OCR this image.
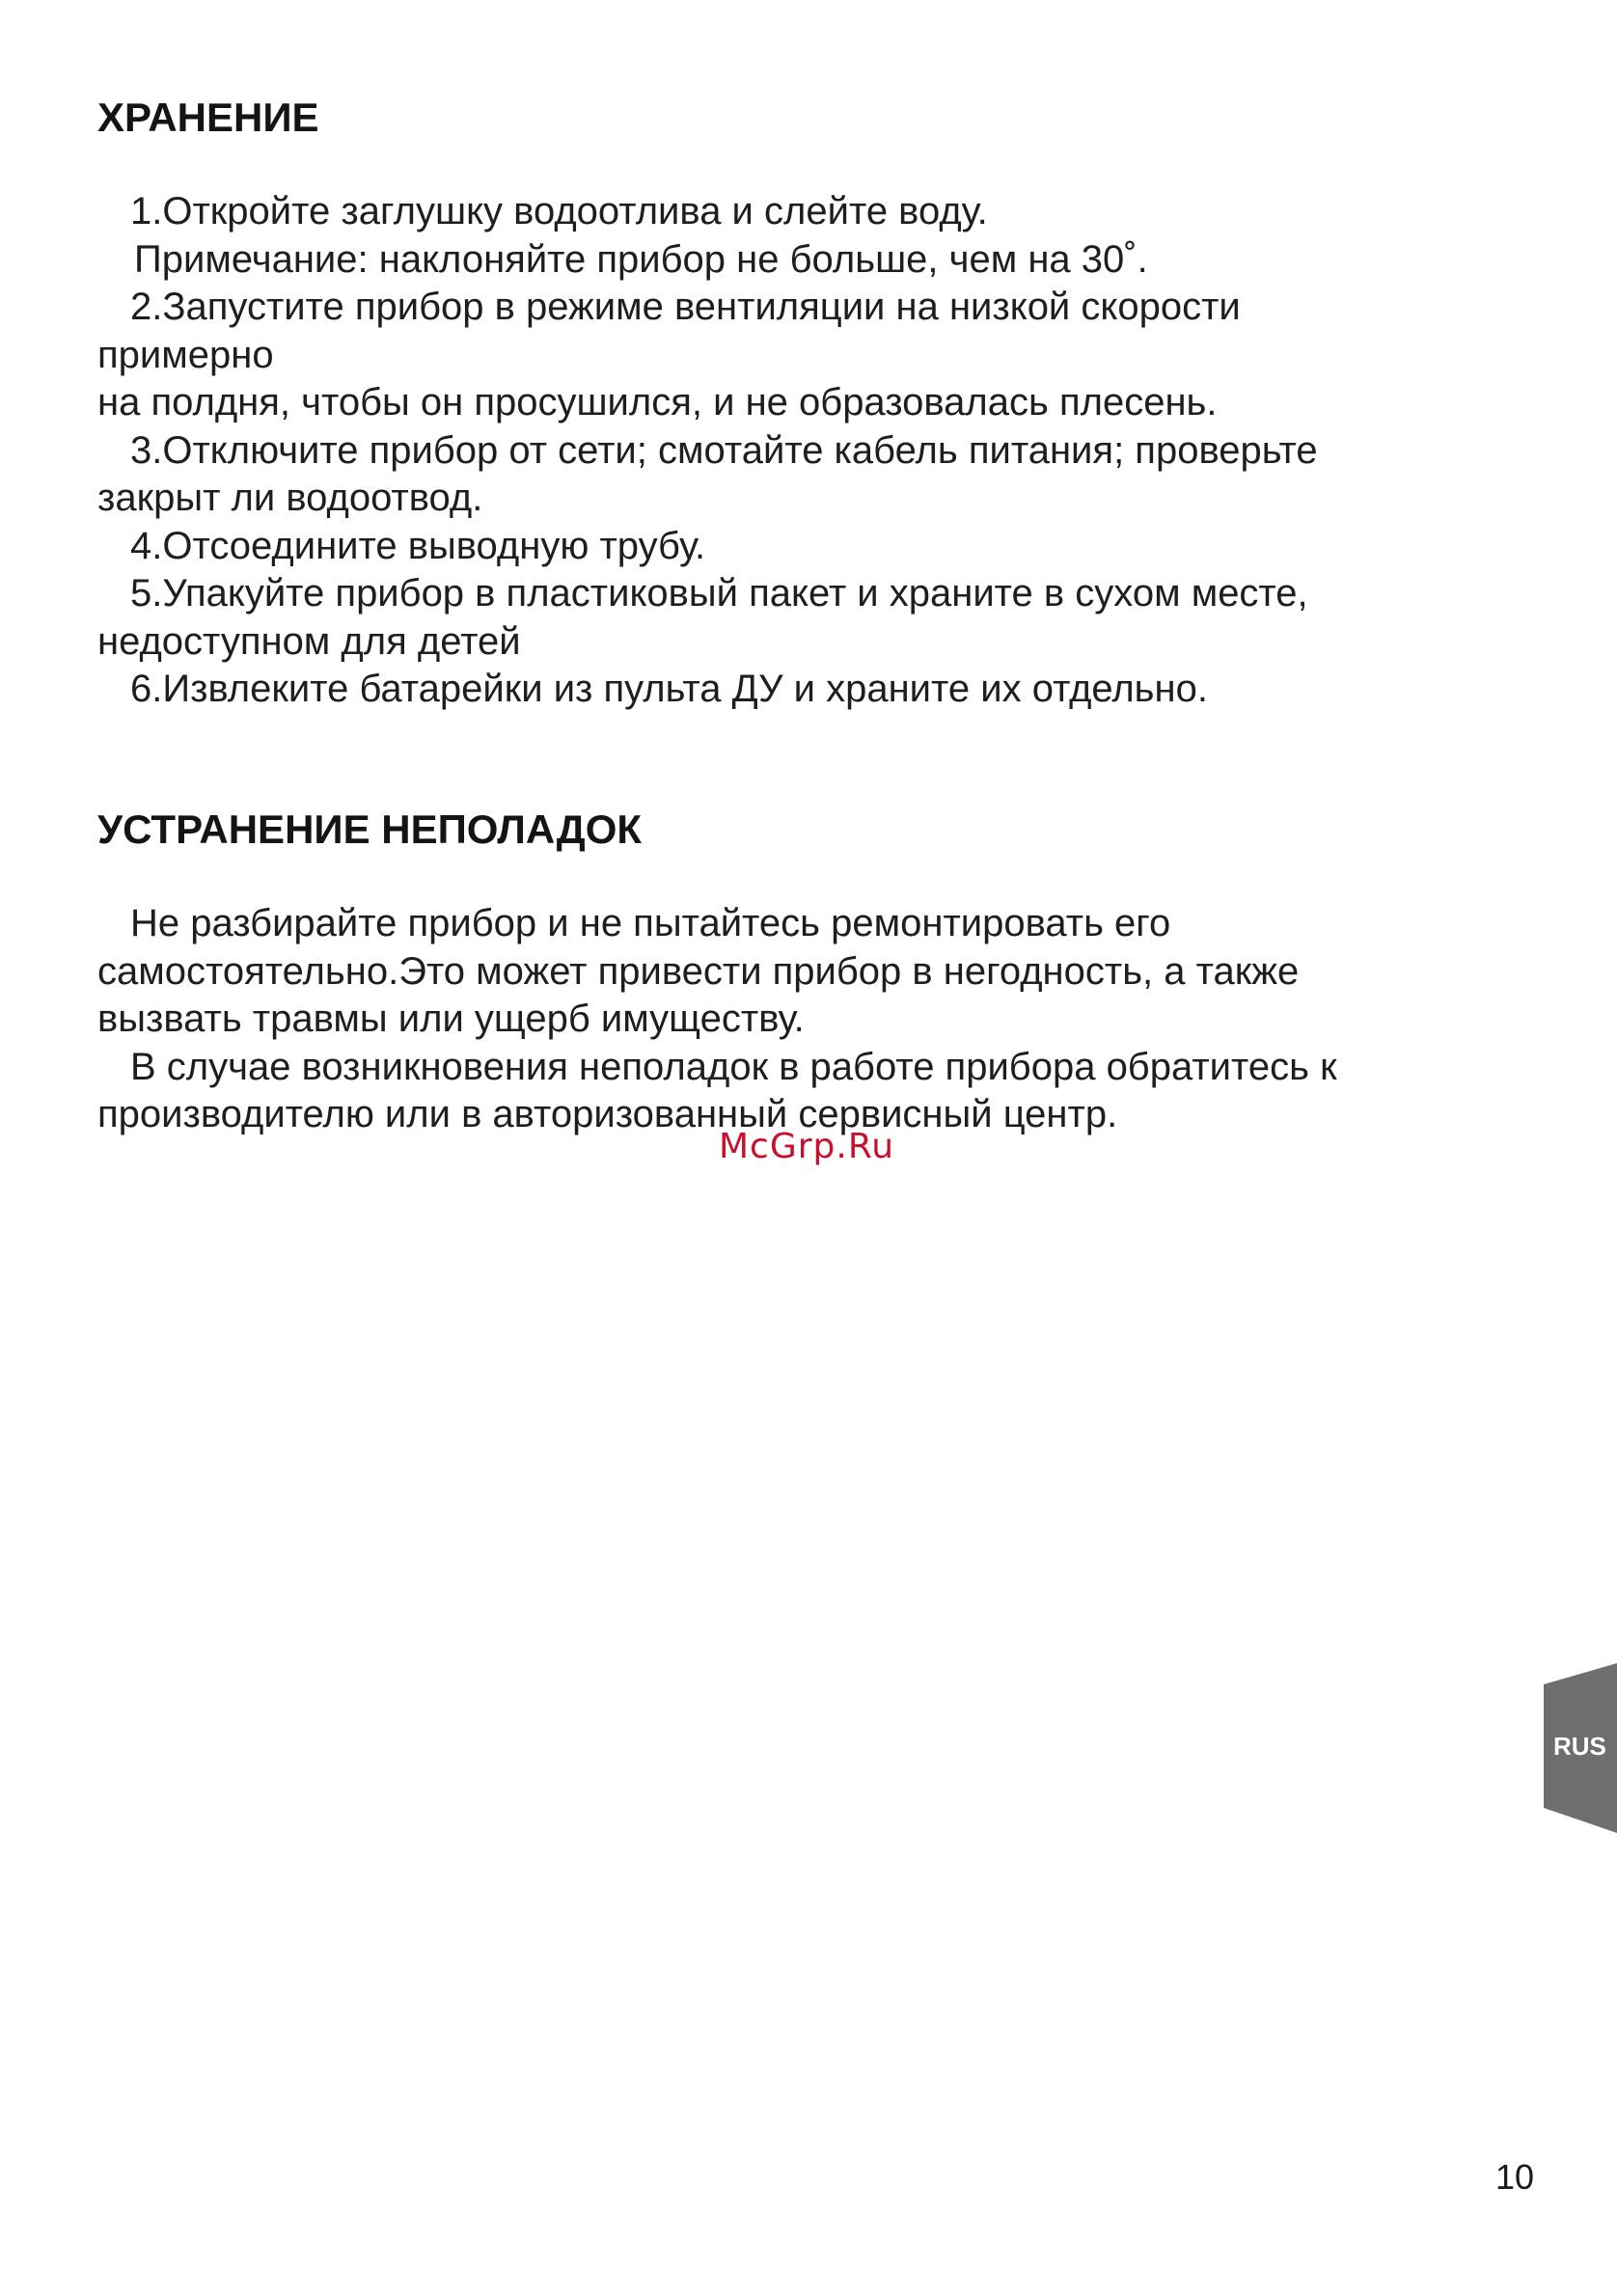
ХРАНЕНИЕ

1.Откройте заглушку водоотлива и слейте воду.

Примечание: наклоняйте прибор не больше, чем на 30˚.

2.Запустите прибор в режиме вентиляции на низкой скорости

примерно

на полдня, чтобы он просушился, и не образовалась плесень.

3.Отключите прибор от сети; смотайте кабель питания; проверьте

закрыт ли водоотвод.

4.Отсоедините выводную трубу.

5.Упакуйте прибор в пластиковый пакет и храните в сухом месте,

недоступном для детей

6.Извлеките батарейки из пульта ДУ и храните их отдельно.

УСТРАНЕНИЕ НЕПОЛАДОК

Не разбирайте прибор и не пытайтесь ремонтировать его

самостоятельно.Это может привести прибор в негодность, а также

вызвать травмы или ущерб имуществу.

В случае возникновения неполадок в работе прибора обратитесь к

производителю или в авторизованный сервисный центр.

McGrp.Ru
RUS
10
